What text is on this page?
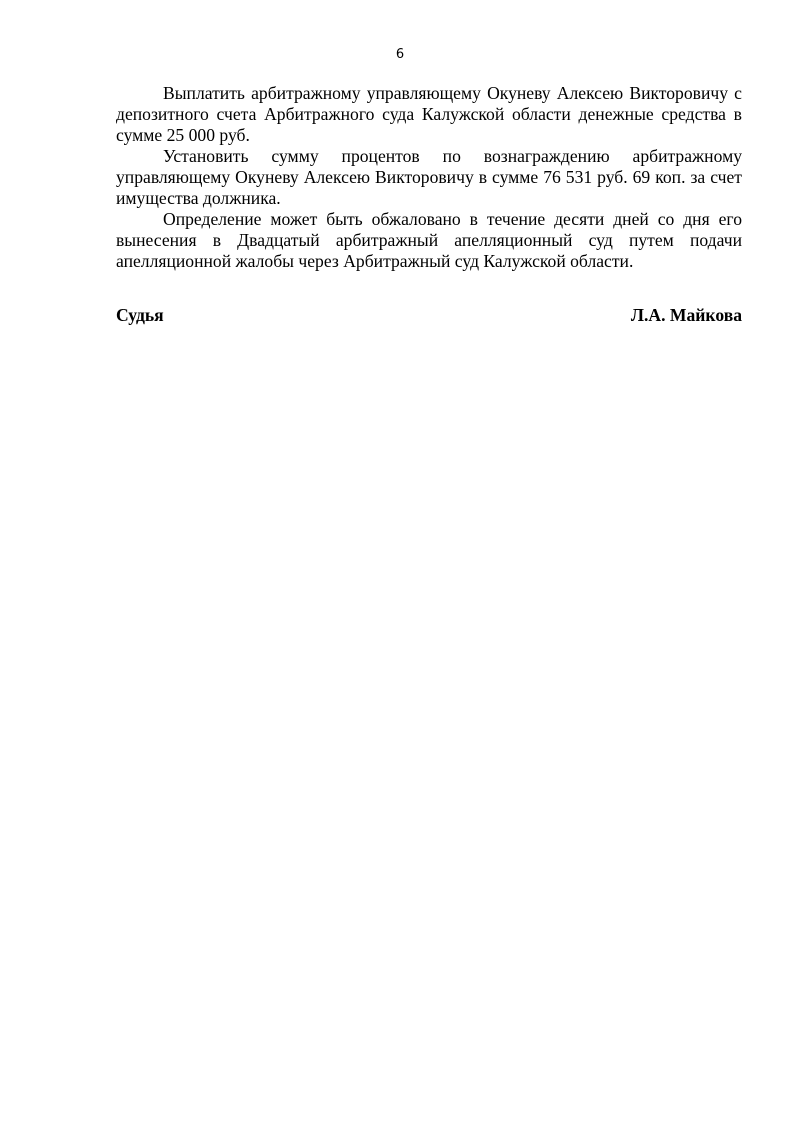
6

Выплатить арбитражному управляющему Окуневу Алексею Викторовичу с депозитного счета Арбитражного суда Калужской области денежные средства в сумме 25 000 руб.

Установить сумму процентов по вознаграждению арбитражному управляющему Окуневу Алексею Викторовичу в сумме 76 531 руб. 69 коп. за счет имущества должника.

Определение может быть обжаловано в течение десяти дней со дня его вынесения в Двадцатый арбитражный апелляционный суд путем подачи апелляционной жалобы через Арбитражный суд Калужской области.

Судья	Л.А. Майкова
